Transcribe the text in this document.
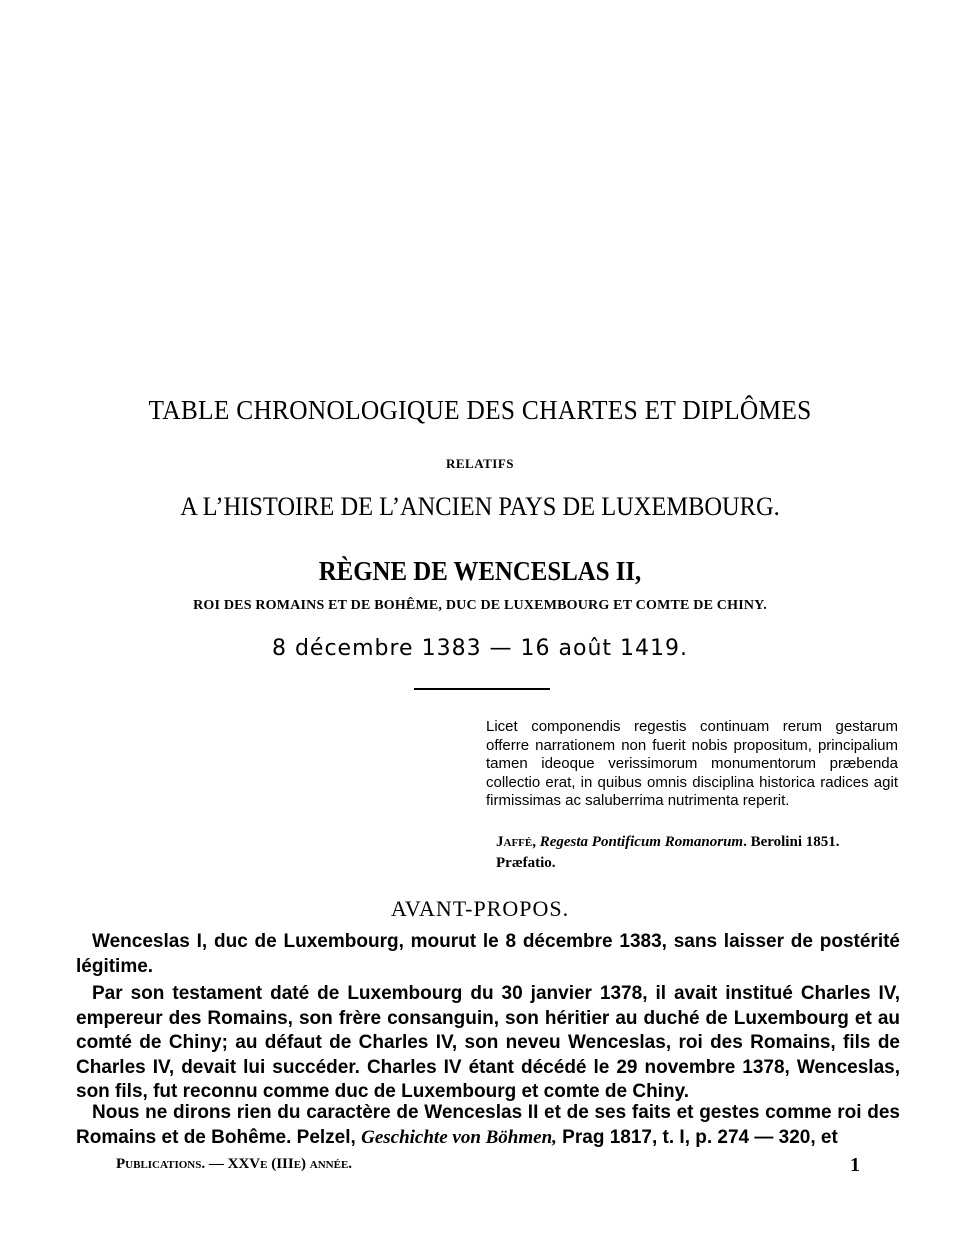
TABLE CHRONOLOGIQUE DES CHARTES ET DIPLÔMES
RELATIFS
A L’HISTOIRE DE L’ANCIEN PAYS DE LUXEMBOURG.
RÈGNE DE WENCESLAS II,
ROI DES ROMAINS ET DE BOHÊME, DUC DE LUXEMBOURG ET COMTE DE CHINY.
8 décembre 1383 — 16 août 1419.

Licet componendis regestis continuam rerum gestarum offerre narrationem non fuerit nobis propositum, principalium tamen ideoque verissimorum monumentorum præbenda collectio erat, in quibus omnis disciplina historica radices agit firmissimas ac saluberrima nutrimenta reperit.

Jaffé, Regesta Pontificum Romanorum. Berolini 1851. Præfatio.
AVANT-PROPOS.

Wenceslas I, duc de Luxembourg, mourut le 8 décembre 1383, sans laisser de postérité légitime.

Par son testament daté de Luxembourg du 30 janvier 1378, il avait institué Charles IV, empereur des Romains, son frère consanguin, son héritier au duché de Luxembourg et au comté de Chiny; au défaut de Charles IV, son neveu Wenceslas, roi des Romains, fils de Charles IV, devait lui succéder. Charles IV étant décédé le 29 novembre 1378, Wenceslas, son fils, fut reconnu comme duc de Luxembourg et comte de Chiny.

Nous ne dirons rien du caractère de Wenceslas II et de ses faits et gestes comme roi des Romains et de Bohême. Pelzel, Geschichte von Böhmen, Prag 1817, t. I, p. 274 — 320, et

Publications. — XXVe (IIIe) année.	1
